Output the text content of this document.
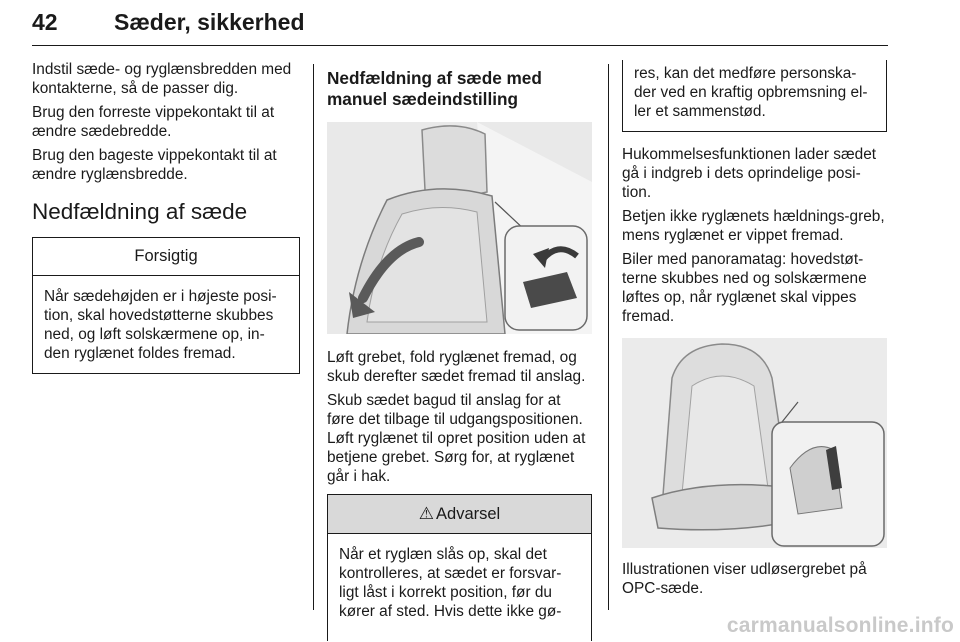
42 Sæder, sikkerhed

Indstil sæde- og ryglænsbredden med kontakterne, så de passer dig.

Brug den forreste vippekontakt til at ændre sædebredde.

Brug den bageste vippekontakt til at ændre ryglænsbredde.

Nedfældning af sæde
Forsigtig
Når sædehøjden er i højeste posi-tion, skal hovedstøtterne skubbes ned, og løft solskærmene op, in-den ryglænet foldes fremad.
Nedfældning af sæde med manuel sædeindstilling

Løft grebet, fold ryglænet fremad, og skub derefter sædet fremad til anslag.

Skub sædet bagud til anslag for at føre det tilbage til udgangspositionen. Løft ryglænet til opret position uden at betjene grebet. Sørg for, at ryglænet går i hak.

⚠ Advarsel
Når et ryglæn slås op, skal det kontrolleres, at sædet er forsvar-ligt låst i korrekt position, før du kører af sted. Hvis dette ikke gø-
res, kan det medføre personska-der ved en kraftig opbremsning el-ler et sammenstød.

Hukommelsesfunktionen lader sædet gå i indgreb i dets oprindelige posi-tion.

Betjen ikke ryglænets hældnings-greb, mens ryglænet er vippet fremad.

Biler med panoramatag: hovedstøt-terne skubbes ned og solskærmene løftes op, når ryglænet skal vippes fremad.

Illustrationen viser udløsergrebet på OPC-sæde.

carmanualsonline.info
